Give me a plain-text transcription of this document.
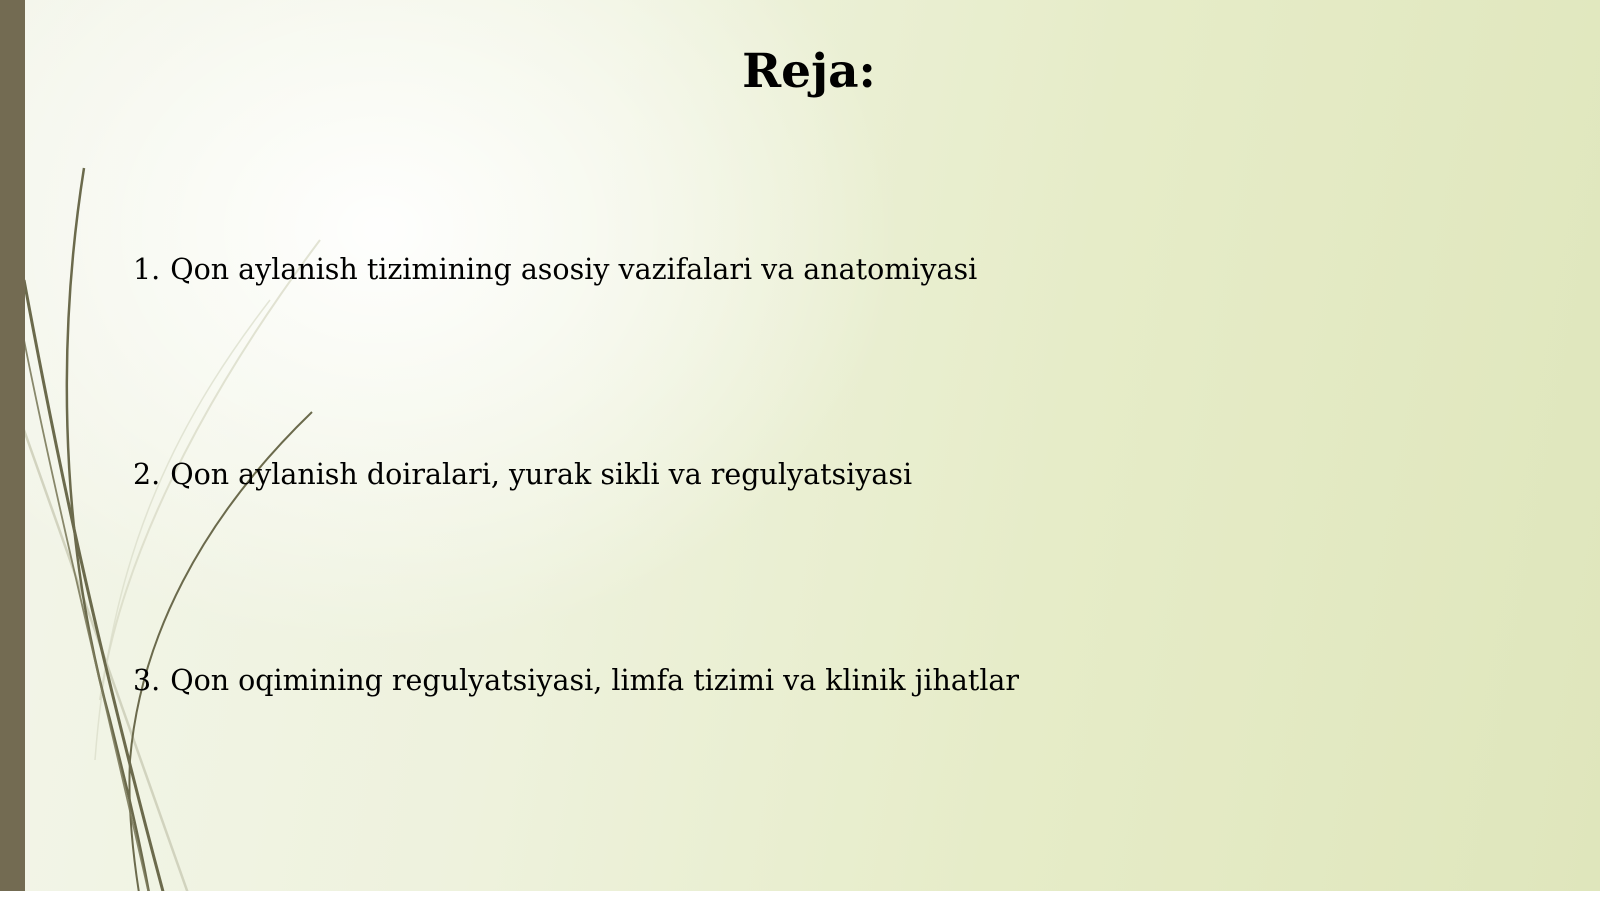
Reja:
1. Qon aylanish tizimining asosiy vazifalari va anatomiyasi
2. Qon aylanish doiralari, yurak sikli va regulyatsiyasi
3. Qon oqimining regulyatsiyasi, limfa tizimi va klinik jihatlar
